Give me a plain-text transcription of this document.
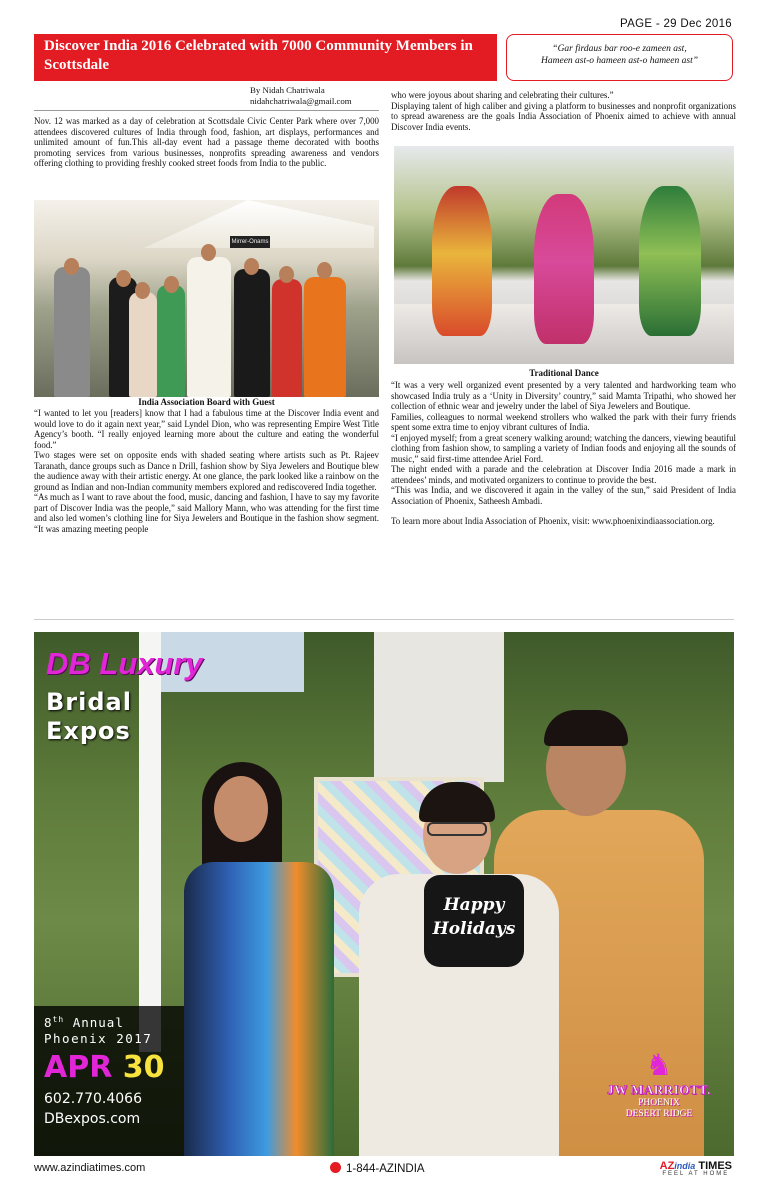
PAGE - 29 Dec 2016
Discover India 2016 Celebrated with 7000 Community Members in Scottsdale
“Gar firdaus bar roo-e zameen ast,
Hameen ast-o hameen ast-o hameen ast”
By Nidah Chatriwala
nidahchatriwala@gmail.com

Nov. 12 was marked as a day of celebration at Scottsdale Civic Center Park where over 7,000 attendees discovered cultures of India through food, fashion, art displays, performances and unlimited amount of fun.This all-day event had a passage theme decorated with booths promoting services from various businesses, nonprofits spreading awareness and vendors offering clothing to providing freshly cooked street foods from India to the public.

Mirrer-Onams
India Association Board with Guest

“I wanted to let you [readers] know that I had a fabulous time at the Discover India event and would love to do it again next year,” said Lyndel Dion, who was representing Empire West Title Agency’s booth. “I really enjoyed learning more about the culture and eating the wonderful food.”

Two stages were set on opposite ends with shaded seating where artists such as Pt. Rajeev Taranath, dance groups such as Dance n Drill, fashion show by Siya Jewelers and Boutique blew the audience away with their artistic energy. At one glance, the park looked like a rainbow on the ground as Indian and non-Indian community members explored and rediscovered India together.

“As much as I want to rave about the food, music, dancing and fashion, I have to say my favorite part of Discover India was the people,” said Mallory Mann, who was attending for the first time and also led women’s clothing line for Siya Jewelers and Boutique in the fashion show segment. “It was amazing meeting people

who were joyous about sharing and celebrating their cultures.”

Displaying talent of high caliber and giving a platform to businesses and nonprofit organizations to spread awareness are the goals India Association of Phoenix aimed to achieve with annual Discover India events.

Traditional Dance

“It was a very well organized event presented by a very talented and hardworking team who showcased India truly as a ‘Unity in Diversity’ country,” said Mamta Tripathi, who showed her collection of ethnic wear and jewelry under the label of Siya Jewelers and Boutique.

Families, colleagues to normal weekend strollers who walked the park with their furry friends spent some extra time to enjoy vibrant cultures of India.

“I enjoyed myself; from a great scenery walking around; watching the dancers, viewing beautiful clothing from fashion show, to sampling a variety of Indian foods and enjoying all the sounds of music,” said first-time attendee Ariel Ford.

The night ended with a parade and the celebration at Discover India 2016 made a mark in attendees’ minds, and motivated organizers to continue to provide the best.

“This was India, and we discovered it again in the valley of the sun,” said President of India Association of Phoenix, Satheesh Ambadi.

To learn more about India Association of Phoenix, visit: www.phoenixindiaassociation.org.

DB Luxury
Bridal
Expos
Happy
Holidays
8th Annual
Phoenix 2017
APR 30
602.770.4066
DBexpos.com
♞
JW MARRIOTT.
PHOENIX
DESERT RIDGE
www.azindiatimes.com	1-844-AZINDIA	AZindia TIMES
FEEL AT HOME
